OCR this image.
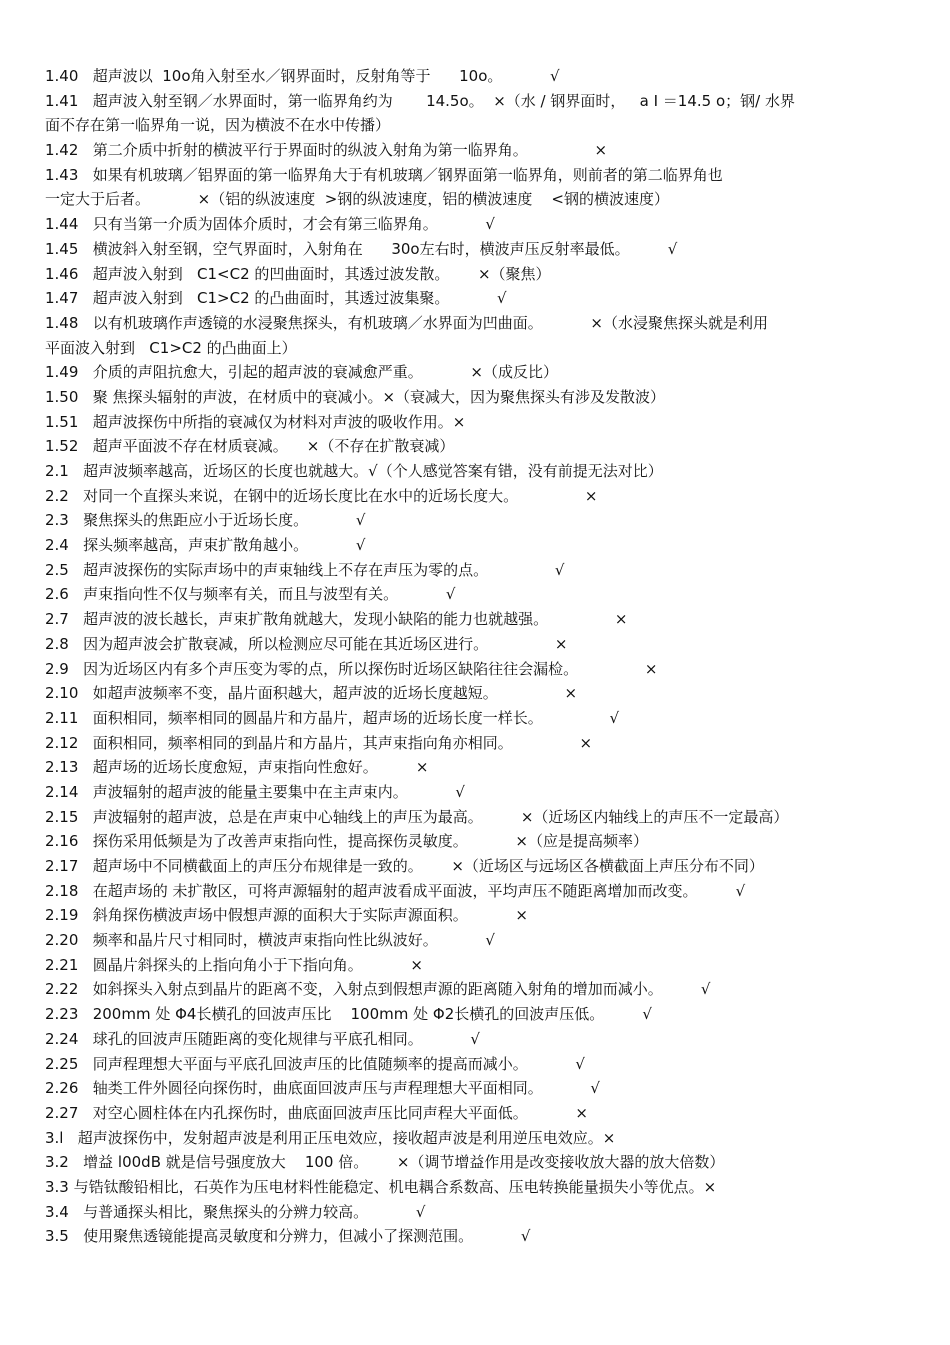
1.40   超声波以  10o角入射至水／钢界面时，反射角等于      10o。          √
1.41   超声波入射至钢／水界面时，第一临界角约为       14.5o。  ×（水 / 钢界面时，   a I ＝14.5 o；钢/ 水界
面不存在第一临界角一说，因为横波不在水中传播）
1.42   第二介质中折射的横波平行于界面时的纵波入射角为第一临界角。              ×
1.43   如果有机玻璃／铝界面的第一临界角大于有机玻璃／钢界面第一临界角，则前者的第二临界角也
一定大于后者。          ×（铝的纵波速度  >钢的纵波速度，铝的横波速度    <钢的横波速度）
1.44   只有当第一介质为固体介质时，才会有第三临界角。          √
1.45   横波斜入射至钢，空气界面时，入射角在      30o左右时，横波声压反射率最低。        √
1.46   超声波入射到   C1<C2 的凹曲面时，其透过波发散。      ×（聚焦）
1.47   超声波入射到   C1>C2 的凸曲面时，其透过波集聚。          √
1.48   以有机玻璃作声透镜的水浸聚焦探头，有机玻璃／水界面为凹曲面。          ×（水浸聚焦探头就是利用
平面波入射到   C1>C2 的凸曲面上）
1.49   介质的声阻抗愈大，引起的超声波的衰减愈严重。          ×（成反比）
1.50   聚 焦探头辐射的声波，在材质中的衰减小。×（衰减大，因为聚焦探头有涉及发散波）
1.51   超声波探伤中所指的衰减仅为材料对声波的吸收作用。×
1.52   超声平面波不存在材质衰减。    ×（不存在扩散衰减）
2.1   超声波频率越高，近场区的长度也就越大。√（个人感觉答案有错，没有前提无法对比）
2.2   对同一个直探头来说，在钢中的近场长度比在水中的近场长度大。              ×
2.3   聚焦探头的焦距应小于近场长度。          √
2.4   探头频率越高，声束扩散角越小。          √
2.5   超声波探伤的实际声场中的声束轴线上不存在声压为零的点。              √
2.6   声束指向性不仅与频率有关，而且与波型有关。          √
2.7   超声波的波长越长，声束扩散角就越大，发现小缺陷的能力也就越强。              ×
2.8   因为超声波会扩散衰减，所以检测应尽可能在其近场区进行。              ×
2.9   因为近场区内有多个声压变为零的点，所以探伤时近场区缺陷往往会漏检。              ×
2.10   如超声波频率不变，晶片面积越大，超声波的近场长度越短。              ×
2.11   面积相同，频率相同的圆晶片和方晶片，超声场的近场长度一样长。              √
2.12   面积相同，频率相同的到晶片和方晶片，其声束指向角亦相同。              ×
2.13   超声场的近场长度愈短，声束指向性愈好。        ×
2.14   声波辐射的超声波的能量主要集中在主声束内。          √
2.15   声波辐射的超声波，总是在声束中心轴线上的声压为最高。        ×（近场区内轴线上的声压不一定最高）
2.16   探伤采用低频是为了改善声束指向性，提高探伤灵敏度。          ×（应是提高频率）
2.17   超声场中不同横截面上的声压分布规律是一致的。      ×（近场区与远场区各横截面上声压分布不同）
2.18   在超声场的 未扩散区，可将声源辐射的超声波看成平面波，平均声压不随距离增加而改变。        √
2.19   斜角探伤横波声场中假想声源的面积大于实际声源面积。          ×
2.20   频率和晶片尺寸相同时，横波声束指向性比纵波好。          √
2.21   圆晶片斜探头的上指向角小于下指向角。          ×
2.22   如斜探头入射点到晶片的距离不变，入射点到假想声源的距离随入射角的增加而减小。        √
2.23   200mm 处 Φ4长横孔的回波声压比    100mm 处 Φ2长横孔的回波声压低。        √
2.24   球孔的回波声压随距离的变化规律与平底孔相同。          √
2.25   同声程理想大平面与平底孔回波声压的比值随频率的提高而减小。          √
2.26   轴类工件外圆径向探伤时，曲底面回波声压与声程理想大平面相同。          √
2.27   对空心圆柱体在内孔探伤时，曲底面回波声压比同声程大平面低。          ×
3.l   超声波探伤中，发射超声波是利用正压电效应，接收超声波是利用逆压电效应。×
3.2   增益 l00dB 就是信号强度放大    100 倍。      ×（调节增益作用是改变接收放大器的放大倍数）
3.3 与锆钛酸铅相比，石英作为压电材料性能稳定、机电耦合系数高、压电转换能量损失小等优点。×
3.4   与普通探头相比，聚焦探头的分辨力较高。          √
3.5   使用聚焦透镜能提高灵敏度和分辨力，但减小了探测范围。          √
